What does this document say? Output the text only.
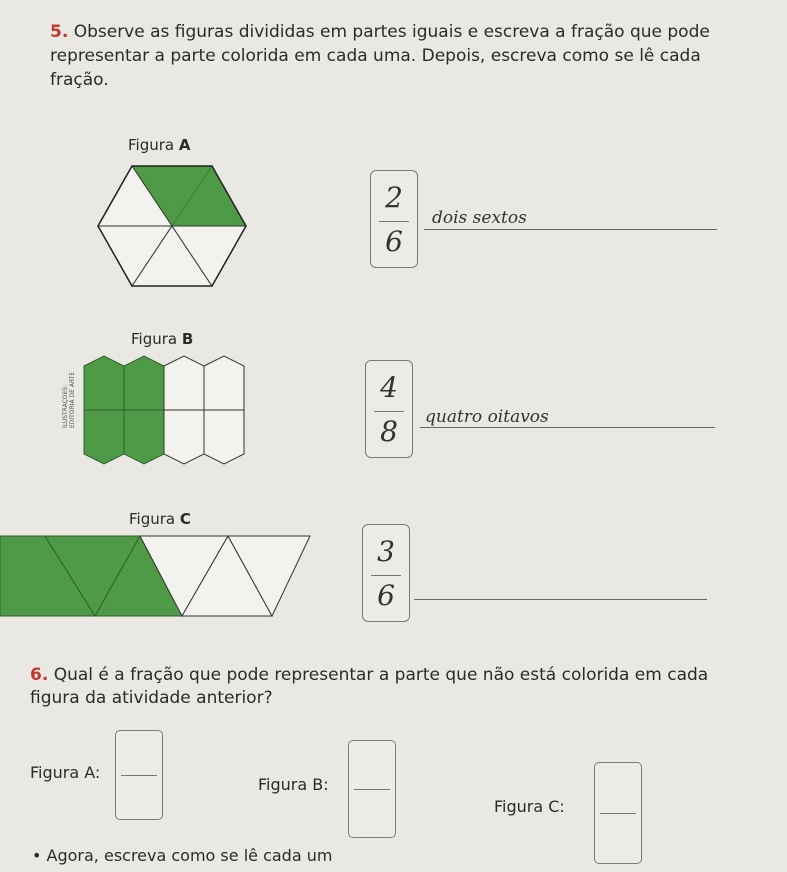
5. Observe as figuras divididas em partes iguais e escreva a fração que pode representar a parte colorida em cada uma. Depois, escreva como se lê cada fração.
Figura A
2
6
dois sextos
Figura B
ILUSTRAÇÕES: EDITORIA DE ARTE	4
8	quatro oitavos
Figura C
3
6
6. Qual é a fração que pode representar a parte que não está colorida em cada figura da atividade anterior?
Figura A:
Figura B:
Figura C:
• Agora, escreva como se lê cada um
